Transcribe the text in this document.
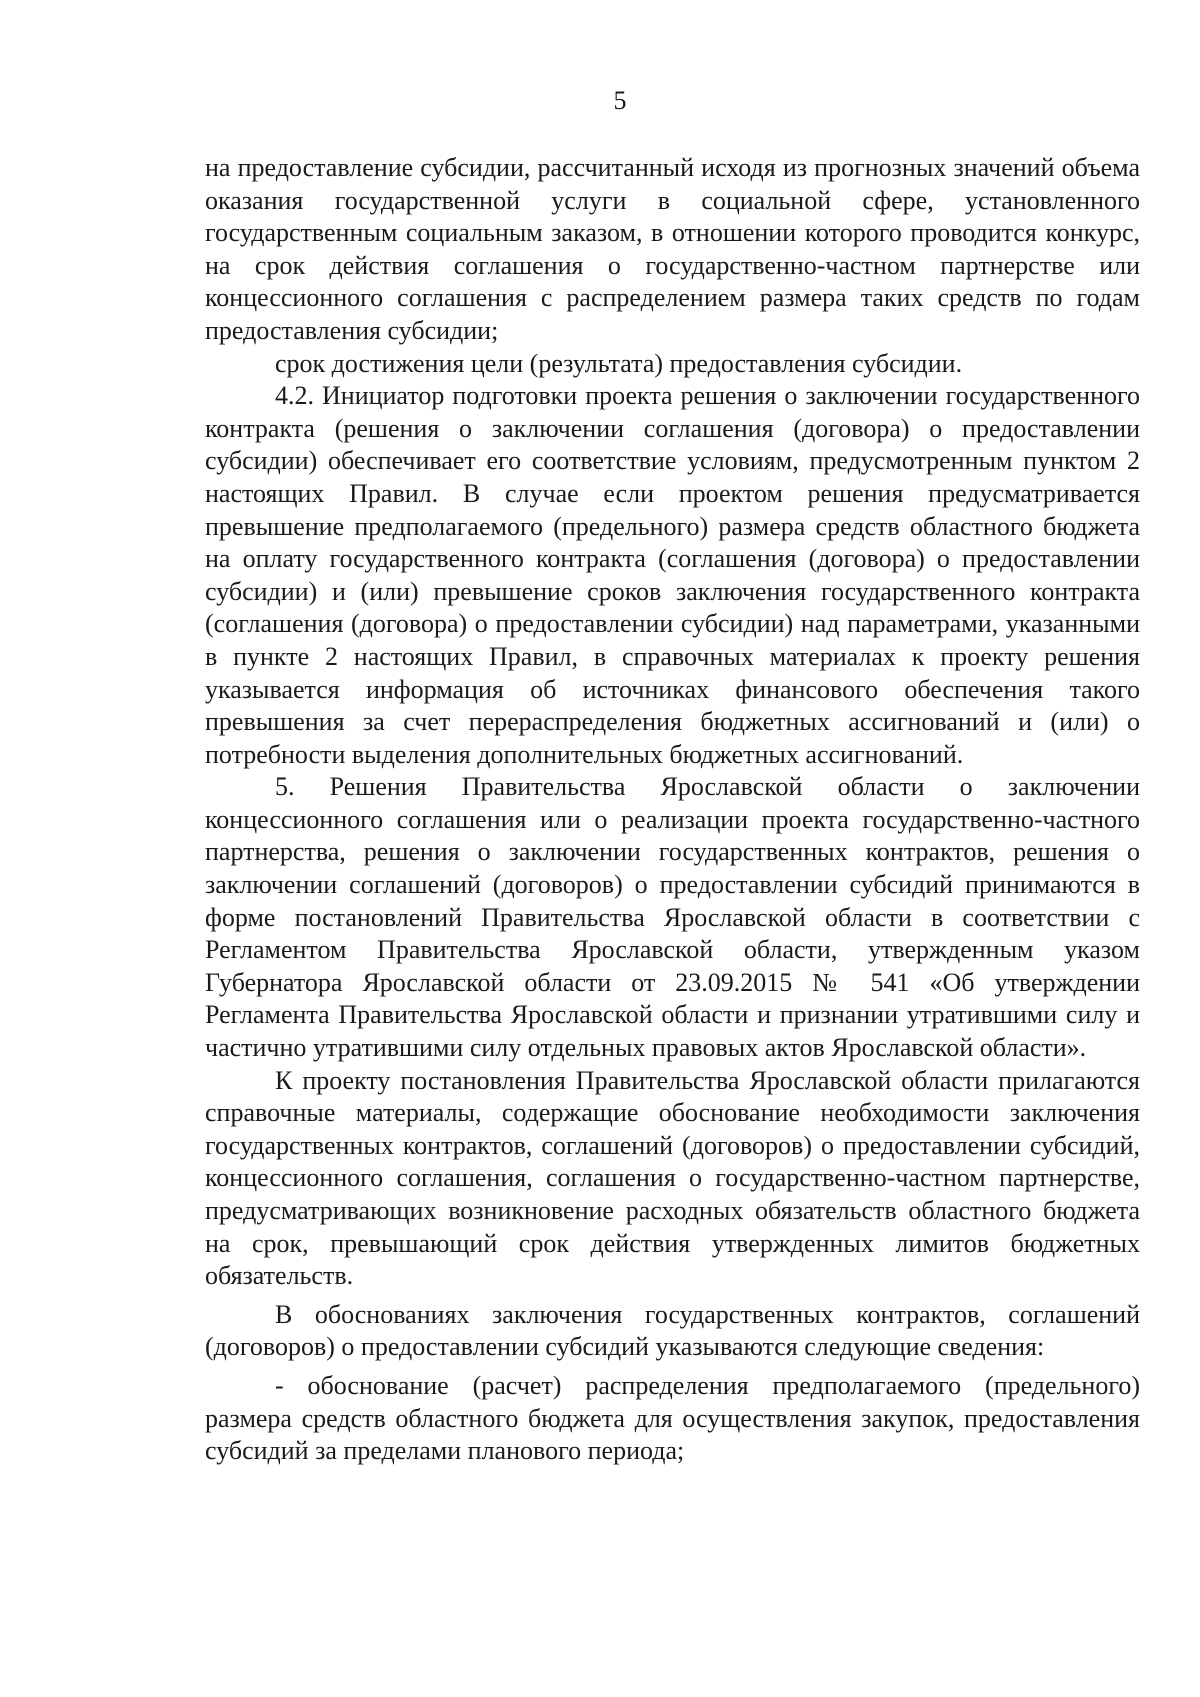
5

на предоставление субсидии, рассчитанный исходя из прогнозных значений объема оказания государственной услуги в социальной сфере, установленного государственным социальным заказом, в отношении которого проводится конкурс, на срок действия соглашения о государственно-частном партнерстве или концессионного соглашения с распределением размера таких средств по годам предоставления субсидии;

срок достижения цели (результата) предоставления субсидии.

4.2. Инициатор подготовки проекта решения о заключении государственного контракта (решения о заключении соглашения (договора) о предоставлении субсидии) обеспечивает его соответствие условиям, предусмотренным пунктом 2 настоящих Правил. В случае если проектом решения предусматривается превышение предполагаемого (предельного) размера средств областного бюджета на оплату государственного контракта (соглашения (договора) о предоставлении субсидии) и (или) превышение сроков заключения государственного контракта (соглашения (договора) о предоставлении субсидии) над параметрами, указанными в пункте 2 настоящих Правил, в справочных материалах к проекту решения указывается информация об источниках финансового обеспечения такого превышения за счет перераспределения бюджетных ассигнований и (или) о потребности выделения дополнительных бюджетных ассигнований.

5. Решения Правительства Ярославской области о заключении концессионного соглашения или о реализации проекта государственно-частного партнерства, решения о заключении государственных контрактов, решения о заключении соглашений (договоров) о предоставлении субсидий принимаются в форме постановлений Правительства Ярославской области в соответствии с Регламентом Правительства Ярославской области, утвержденным указом Губернатора Ярославской области от 23.09.2015 № 541 «Об утверждении Регламента Правительства Ярославской области и признании утратившими силу и частично утратившими силу отдельных правовых актов Ярославской области».

К проекту постановления Правительства Ярославской области прилагаются справочные материалы, содержащие обоснование необходимости заключения государственных контрактов, соглашений (договоров) о предоставлении субсидий, концессионного соглашения, соглашения о государственно-частном партнерстве, предусматривающих возникновение расходных обязательств областного бюджета на срок, превышающий срок действия утвержденных лимитов бюджетных обязательств.

В обоснованиях заключения государственных контрактов, соглашений (договоров) о предоставлении субсидий указываются следующие сведения:

- обоснование (расчет) распределения предполагаемого (предельного) размера средств областного бюджета для осуществления закупок, предоставления субсидий за пределами планового периода;
